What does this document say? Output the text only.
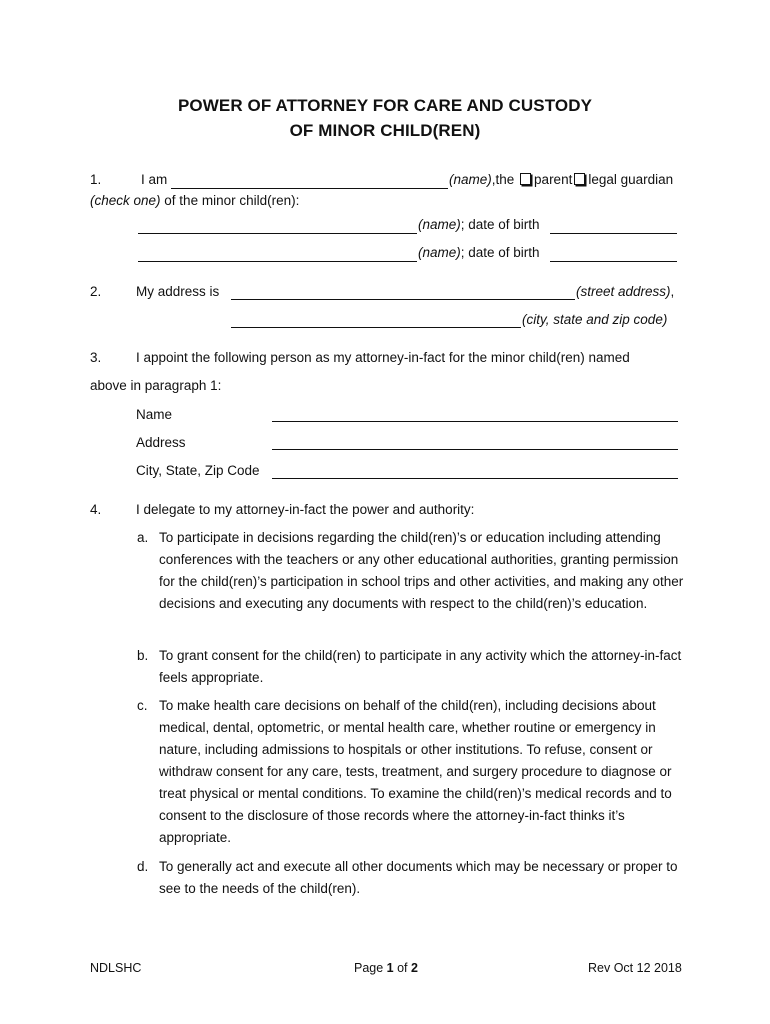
POWER OF ATTORNEY FOR CARE AND CUSTODY
OF MINOR CHILD(REN)
1.	I am	(name),the parent legal guardian
(check one) of the minor child(ren):
(name); date of birth
(name); date of birth
2.	My address is	(street address),
(city, state and zip code)
3.	I appoint the following person as my attorney-in-fact for the minor child(ren) named
above in paragraph 1:
Name
Address
City, State, Zip Code
4.	I delegate to my attorney-in-fact the power and authority:
a. To participate in decisions regarding the child(ren)’s or education including attending conferences with the teachers or any other educational authorities, granting permission for the child(ren)’s participation in school trips and other activities, and making any other decisions and executing any documents with respect to the child(ren)’s education.
b. To grant consent for the child(ren) to participate in any activity which the attorney-in-fact feels appropriate.
c. To make health care decisions on behalf of the child(ren), including decisions about medical, dental, optometric, or mental health care, whether routine or emergency in nature, including admissions to hospitals or other institutions. To refuse, consent or withdraw consent for any care, tests, treatment, and surgery procedure to diagnose or treat physical or mental conditions. To examine the child(ren)’s medical records and to consent to the disclosure of those records where the attorney-in-fact thinks it’s appropriate.
d. To generally act and execute all other documents which may be necessary or proper to see to the needs of the child(ren).
NDLSHC	Page 1 of 2	Rev Oct 12 2018
